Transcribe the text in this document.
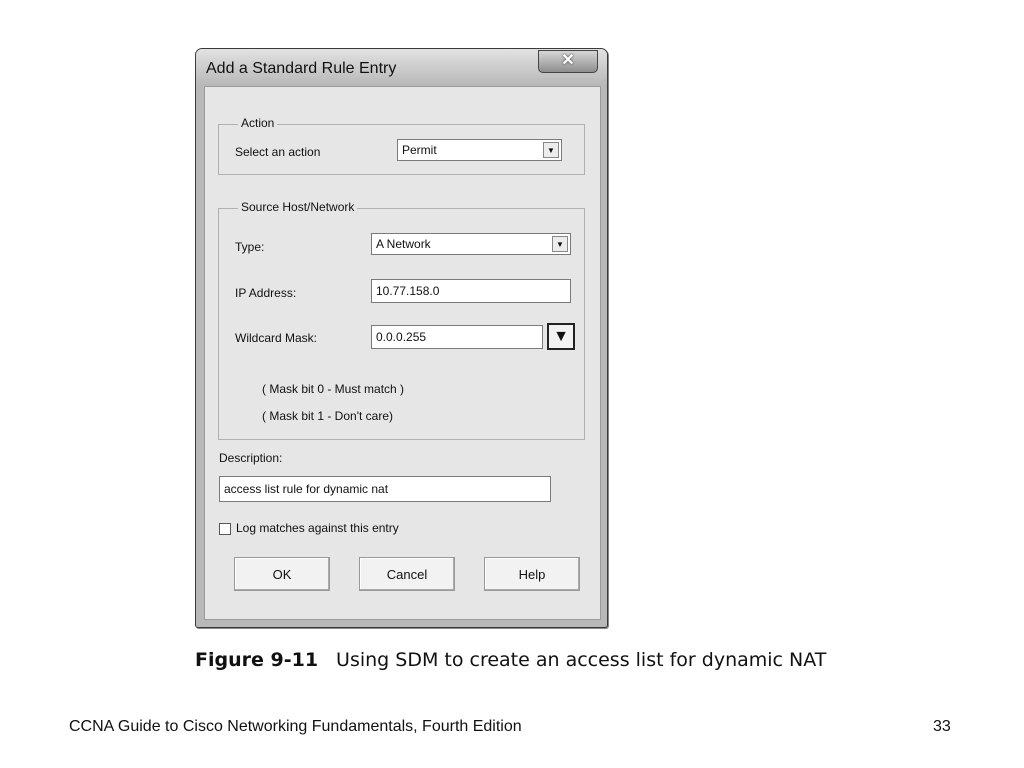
Add a Standard Rule Entry	✕
Action
Select an action	Permit	▼
Source Host/Network
Type:	A Network	▼
IP Address:	10.77.158.0
Wildcard Mask:	0.0.0.255	▼
( Mask bit 0 - Must match )
( Mask bit 1 - Don't care)
Description:
access list rule for dynamic nat
Log matches against this entry
OK	Cancel	Help
Figure 9-11 Using SDM to create an access list for dynamic NAT
CCNA Guide to Cisco Networking Fundamentals, Fourth Edition	33
